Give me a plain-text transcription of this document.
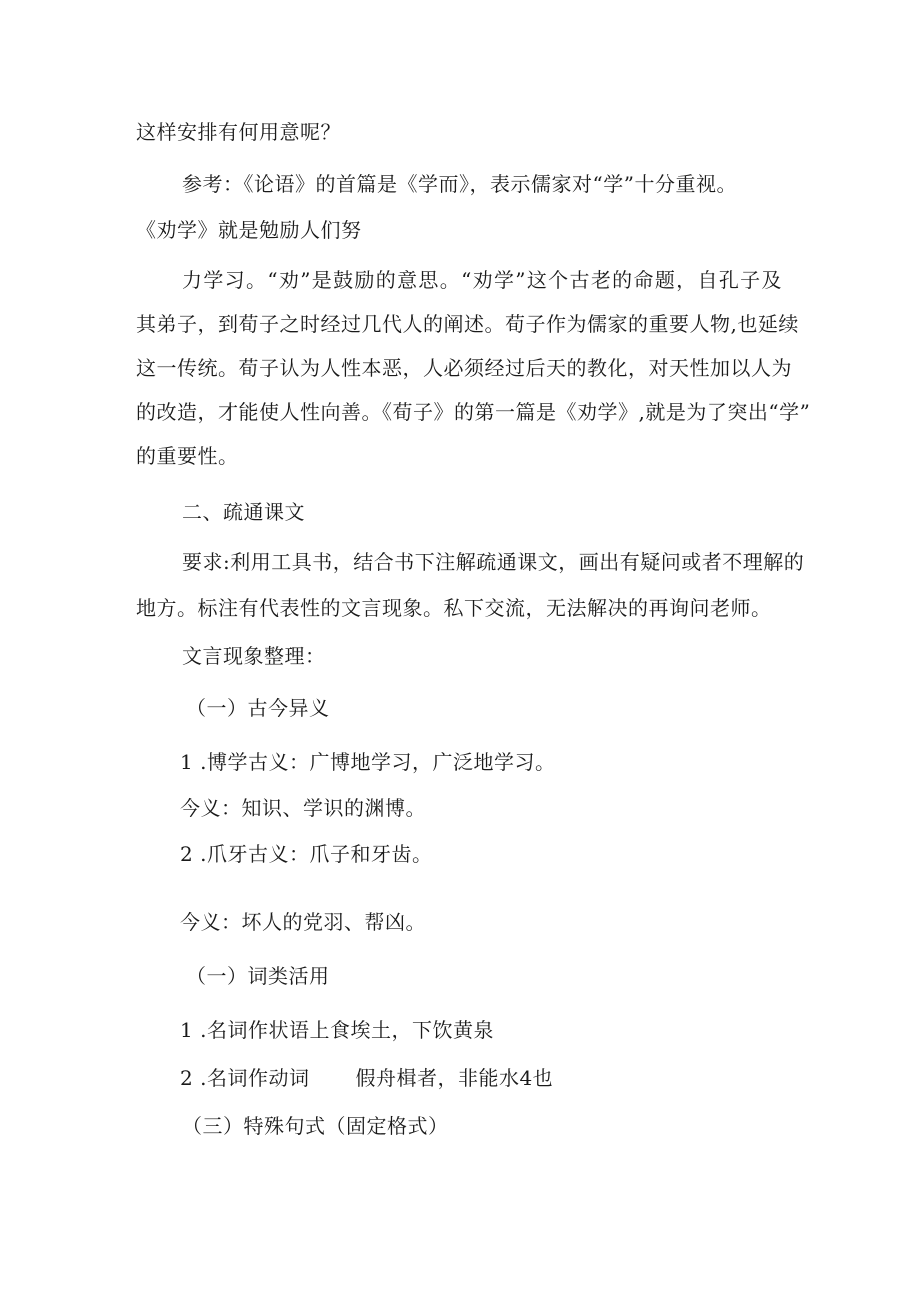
这样安排有何用意呢？
参考：《论语》的首篇是《学而》，表示儒家对“学”十分重视。
《劝学》就是勉励人们努
力学习。“劝”是鼓励的意思。“劝学”这个古老的命题，自孔子及
其弟子，到荀子之时经过几代人的阐述。荀子作为儒家的重要人物,也延续
这一传统。荀子认为人性本恶，人必须经过后天的教化，对天性加以人为
的改造，才能使人性向善。《荀子》的第一篇是《劝学》,就是为了突出“学”
的重要性。
二、疏通课文
要求:利用工具书，结合书下注解疏通课文，画出有疑问或者不理解的
地方。标注有代表性的文言现象。私下交流，无法解决的再询问老师。
文言现象整理：
（一）古今异义
1 .博学古义：广博地学习，广泛地学习。
今义：知识、学识的渊博。
2 .爪牙古义：爪子和牙齿。
今义：坏人的党羽、帮凶。
（一）词类活用
1 .名词作状语上食埃土，下饮黄泉
2 .名词作动词 假舟楫者，非能水4也
（三）特殊句式（固定格式）
